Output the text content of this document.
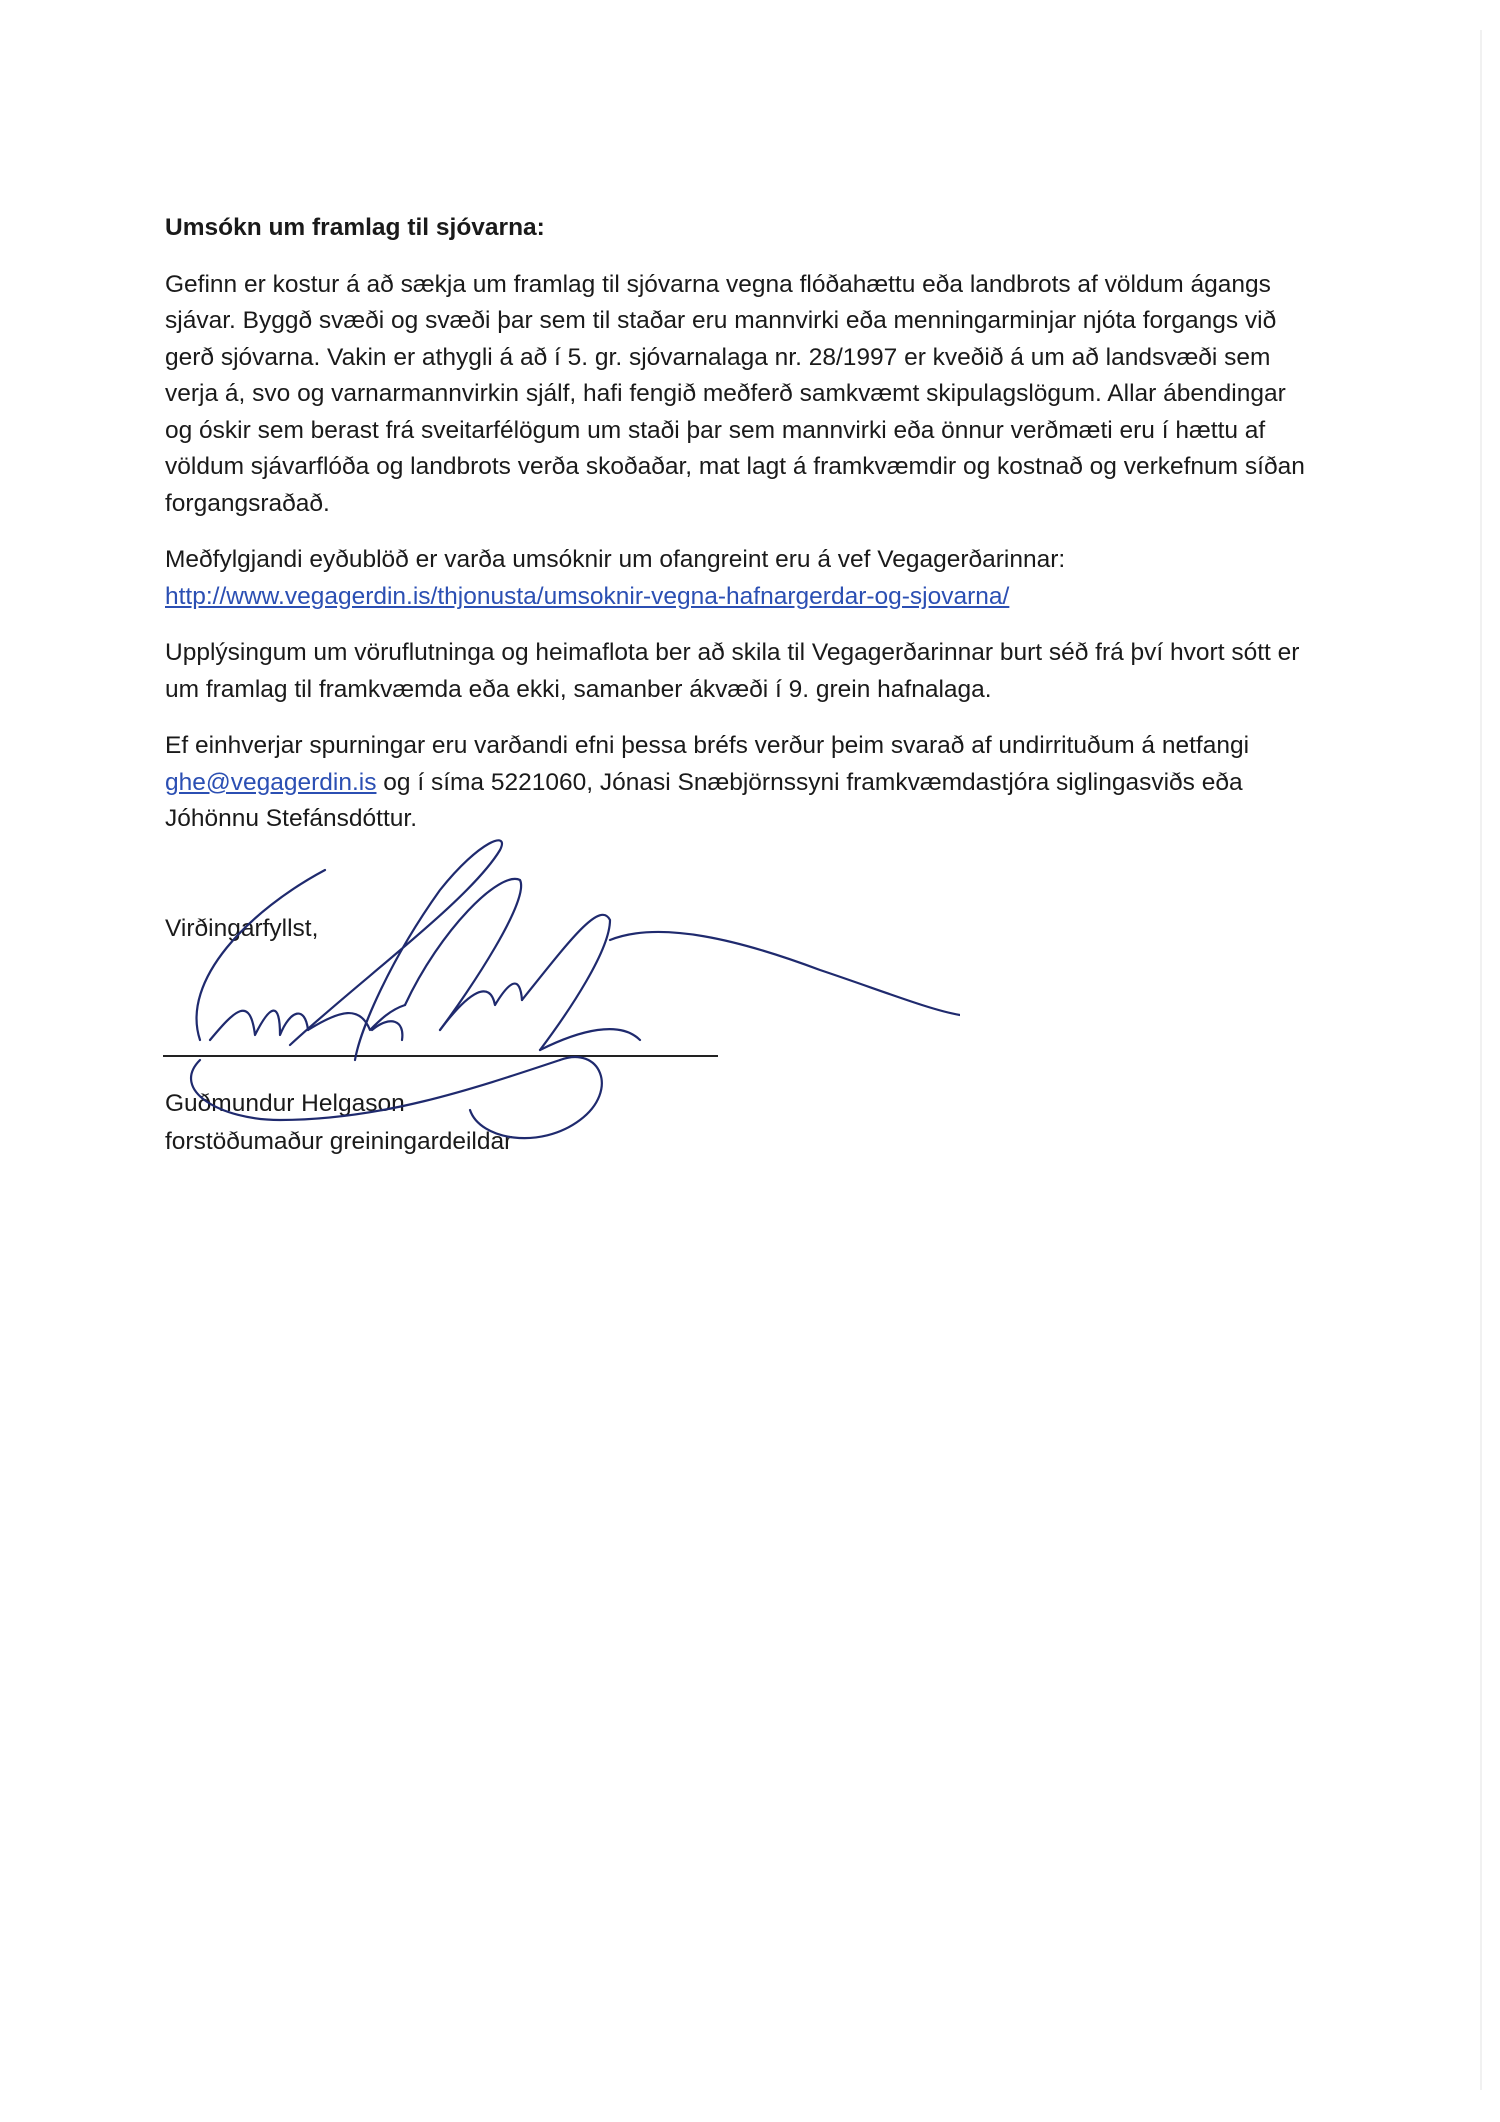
Umsókn um framlag til sjóvarna:

Gefinn er kostur á að sækja um framlag til sjóvarna vegna flóðahættu eða landbrots af völdum ágangs sjávar. Byggð svæði og svæði þar sem til staðar eru mannvirki eða menningarminjar njóta forgangs við gerð sjóvarna. Vakin er athygli á að í 5. gr. sjóvarnalaga nr. 28/1997 er kveðið á um að landsvæði sem verja á, svo og varnarmannvirkin sjálf, hafi fengið meðferð samkvæmt skipulagslögum. Allar ábendingar og óskir sem berast frá sveitarfélögum um staði þar sem mannvirki eða önnur verðmæti eru í hættu af völdum sjávarflóða og landbrots verða skoðaðar, mat lagt á framkvæmdir og kostnað og verkefnum síðan forgangsraðað.

Meðfylgjandi eyðublöð er varða umsóknir um ofangreint eru á vef Vegagerðarinnar:
http://www.vegagerdin.is/thjonusta/umsoknir-vegna-hafnargerdar-og-sjovarna/

Upplýsingum um vöruflutninga og heimaflota ber að skila til Vegagerðarinnar burt séð frá því hvort sótt er um framlag til framkvæmda eða ekki, samanber ákvæði í 9. grein hafnalaga.

Ef einhverjar spurningar eru varðandi efni þessa bréfs verður þeim svarað af undirrituðum á netfangi ghe@vegagerdin.is og í síma 5221060, Jónasi Snæbjörnssyni framkvæmdastjóra siglingasviðs eða Jóhönnu Stefánsdóttur.

Virðingarfyllst,
Guðmundur Helgason
forstöðumaður greiningardeildar
